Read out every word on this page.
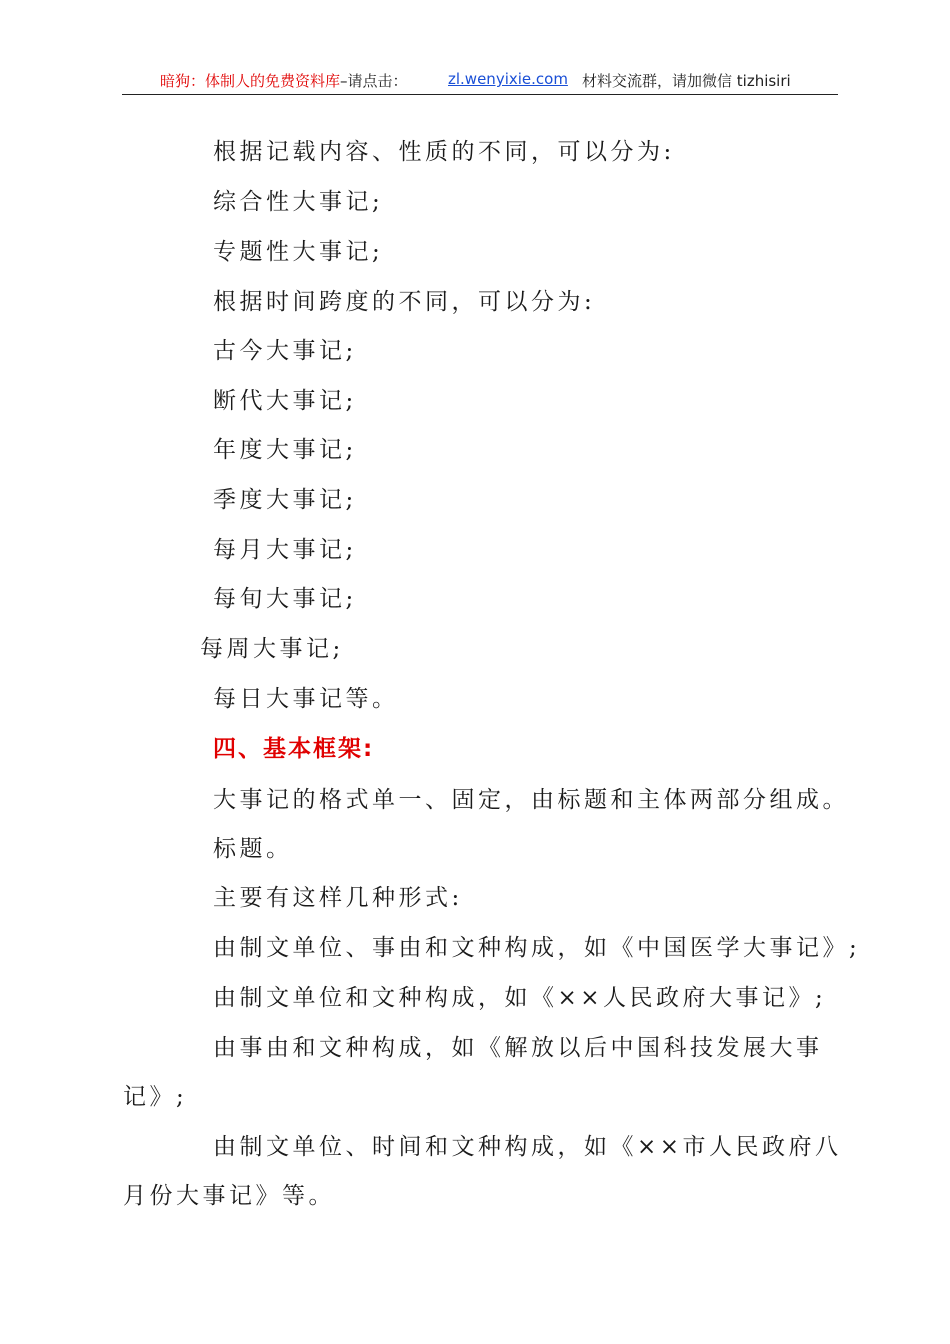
暗狗：体制人的免费资料库–请点击：	zl.wenyixie.com 材料交流群，请加微信 tizhisiri
根据记载内容、性质的不同，可以分为:
综合性大事记;
专题性大事记;
根据时间跨度的不同，可以分为:
古今大事记;
断代大事记;
年度大事记;
季度大事记;
每月大事记;
每旬大事记;
每周大事记;
每日大事记等。
四、基本框架:
大事记的格式单一、固定，由标题和主体两部分组成。
标题。
主要有这样几种形式:
由制文单位、事由和文种构成，如《中国医学大事记》;
由制文单位和文种构成，如《××人民政府大事记》;
由事由和文种构成，如《解放以后中国科技发展大事
记》;
由制文单位、时间和文种构成，如《××市人民政府八
月份大事记》等。
